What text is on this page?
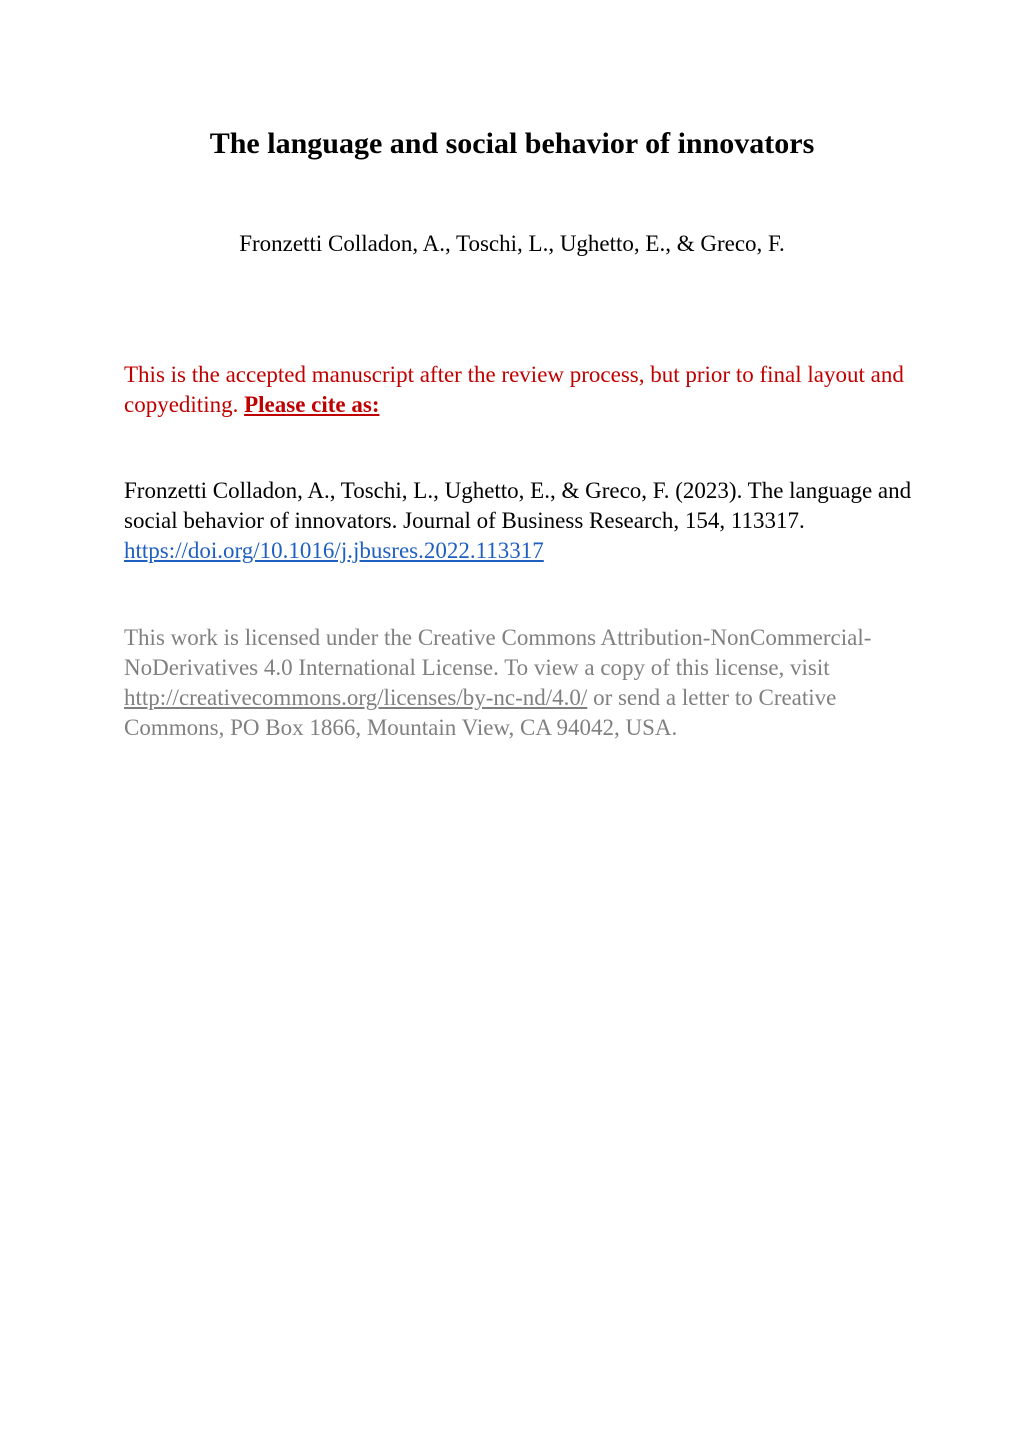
The language and social behavior of innovators

Fronzetti Colladon, A., Toschi, L., Ughetto, E., & Greco, F.

This is the accepted manuscript after the review process, but prior to final layout and copyediting. Please cite as:

Fronzetti Colladon, A., Toschi, L., Ughetto, E., & Greco, F. (2023). The language and social behavior of innovators. Journal of Business Research, 154, 113317. https://doi.org/10.1016/j.jbusres.2022.113317

This work is licensed under the Creative Commons Attribution-NonCommercial-NoDerivatives 4.0 International License. To view a copy of this license, visit http://creativecommons.org/licenses/by-nc-nd/4.0/ or send a letter to Creative Commons, PO Box 1866, Mountain View, CA 94042, USA.
